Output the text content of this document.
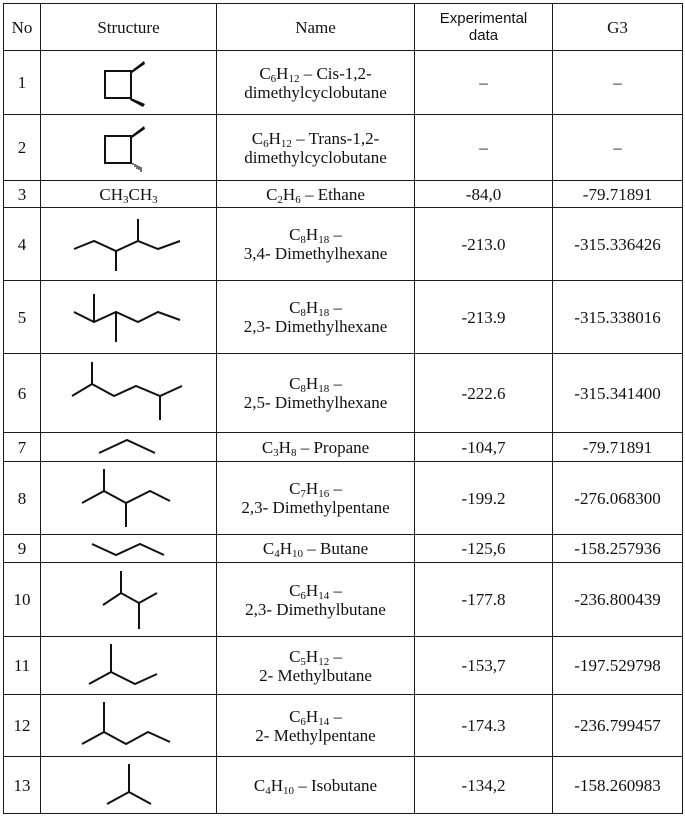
No	Structure	Name	Experimental
data	G3
1		$C_6H_{12} - Cis-1,2-$
dimethylcyclobutane	–	–
2		$C_6H_{12}$ – Trans-1,2-
dimethylcyclobutane	–	–
3	$CH_3CH_3$	$C_2H_6$ – Ethane	-84,0	-79.71891
4		$C_8H_{18}$ –
3,4- Dimethylhexane	-213.0	-315.336426
5		$C_8H_{18}$ –
2,3- Dimethylhexane	-213.9	-315.338016
6		$C_8H_{18}$ –
2,5- Dimethylhexane	-222.6	-315.341400
7		$C_3H_8$ – Propane	-104,7	-79.71891
8		$C_7H_{16}$ –
2,3- Dimethylpentane	-199.2	-276.068300
9		$C_4H_{10}$ – Butane	-125,6	-158.257936
10		$C_6H_{14}$ –
2,3- Dimethylbutane	-177.8	-236.800439
11		$C_5H_{12}$ –
2- Methylbutane	-153,7	-197.529798
12		$C_6H_{14}$ –
2- Methylpentane	-174.3	-236.799457
13		$C_4H_{10}$ – Isobutane	-134,2	-158.260983
